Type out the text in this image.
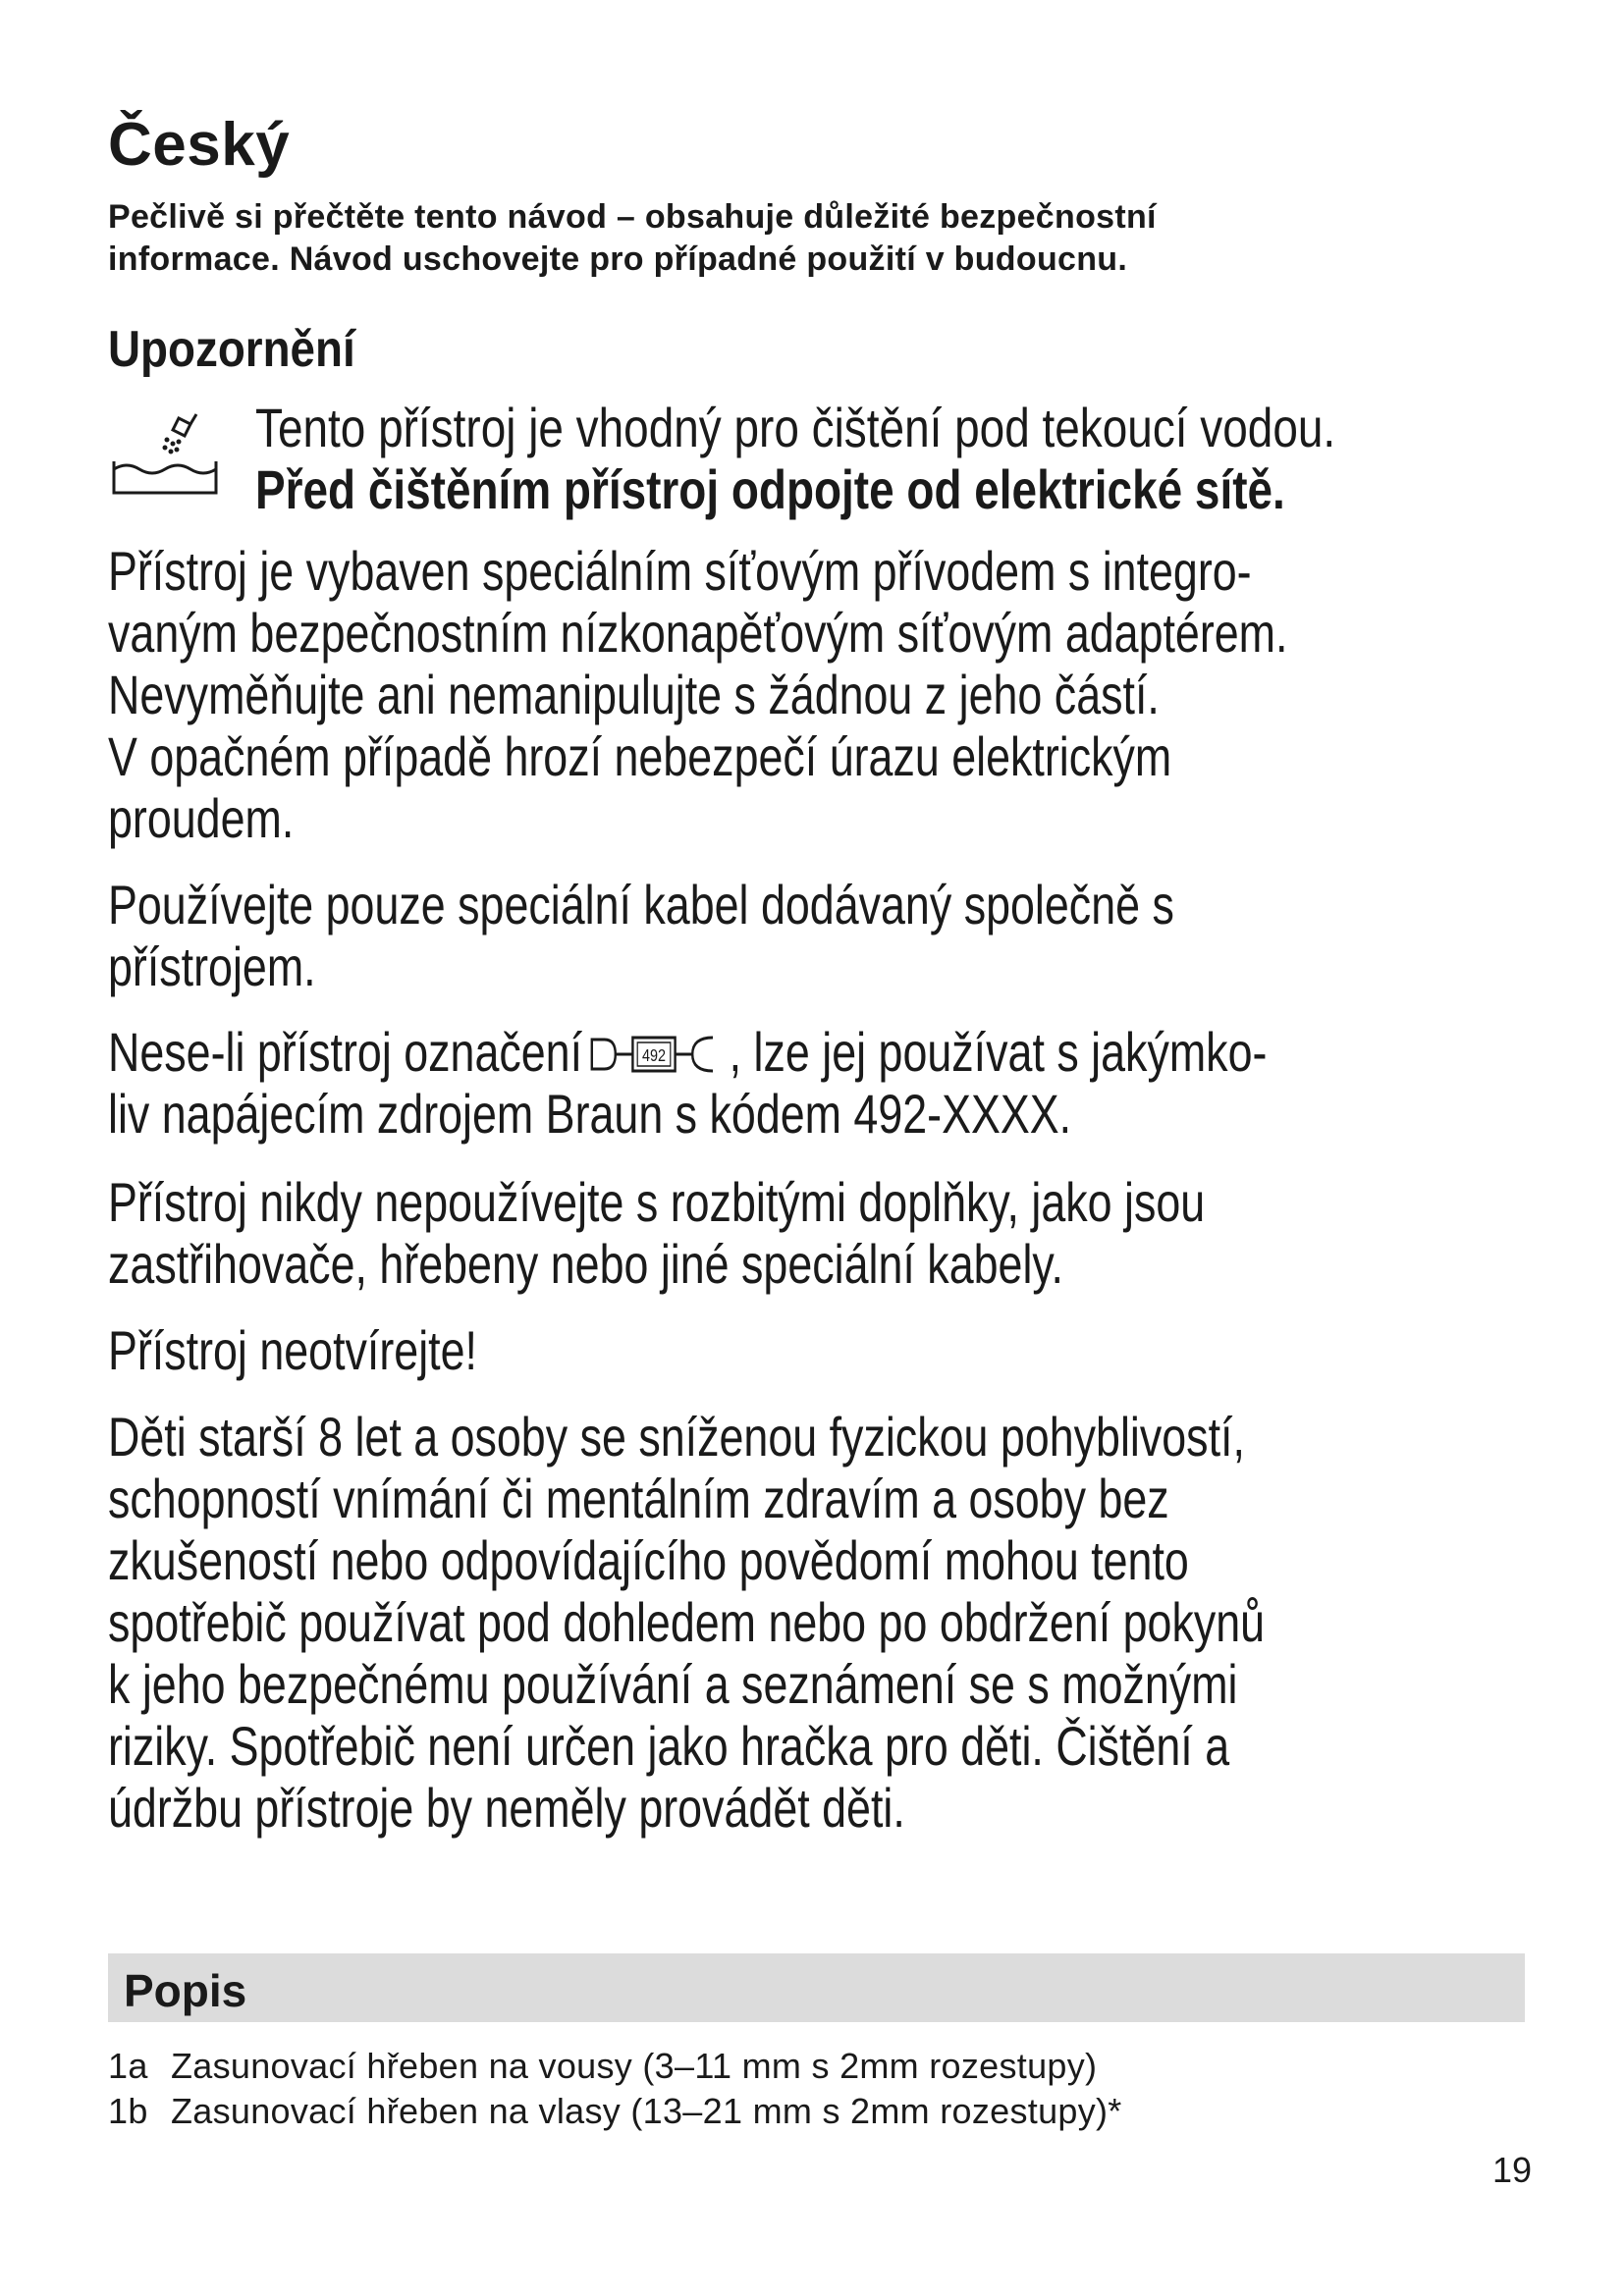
Český
Pečlivě si přečtěte tento návod – obsahuje důležité bezpečnostní
informace. Návod uschovejte pro případné použití v budoucnu.
Upozornění
Tento přístroj je vhodný pro čištění pod tekoucí vodou.
Před čištěním přístroj odpojte od elektrické sítě.
Přístroj je vybaven speciálním síťovým přívodem s integro-
vaným bezpečnostním nízkonapěťovým síťovým adaptérem.
Nevyměňujte ani nemanipulujte s žádnou z jeho částí.
V opačném případě hrozí nebezpečí úrazu elektrickým
proudem.
Používejte pouze speciální kabel dodávaný společně s
přístrojem.
Nese-li přístroj označení	492 , lze jej používat s jakýmko-
liv napájecím zdrojem Braun s kódem 492-XXXX.
Přístroj nikdy nepoužívejte s rozbitými doplňky, jako jsou
zastřihovače, hřebeny nebo jiné speciální kabely.
Přístroj neotvírejte!
Děti starší 8 let a osoby se sníženou fyzickou pohyblivostí,
schopností vnímání či mentálním zdravím a osoby bez
zkušeností nebo odpovídajícího povědomí mohou tento
spotřebič používat pod dohledem nebo po obdržení pokynů
k jeho bezpečnému používání a seznámení se s možnými
riziky. Spotřebič není určen jako hračka pro děti. Čištění a
údržbu přístroje by neměly provádět děti.
Popis
1a Zasunovací hřeben na vousy (3–11 mm s 2mm rozestupy)
1b Zasunovací hřeben na vlasy (13–21 mm s 2mm rozestupy)*
19
